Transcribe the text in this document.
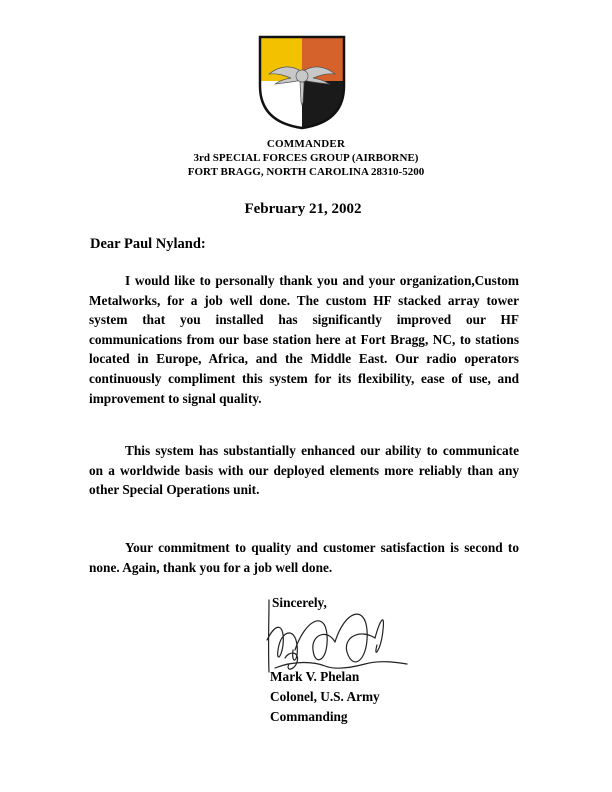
COMMANDER
3rd SPECIAL FORCES GROUP (AIRBORNE)
FORT BRAGG, NORTH CAROLINA 28310-5200
February 21, 2002
Dear Paul Nyland:

I would like to personally thank you and your organization,Custom Metalworks, for a job well done. The custom HF stacked array tower system that you installed has significantly improved our HF communications from our base station here at Fort Bragg, NC, to stations located in Europe, Africa, and the Middle East. Our radio operators continuously compliment this system for its flexibility, ease of use, and improvement to signal quality.

This system has substantially enhanced our ability to communicate on a worldwide basis with our deployed elements more reliably than any other Special Operations unit.

Your commitment to quality and customer satisfaction is second to none. Again, thank you for a job well done.

Sincerely,
Mark V. Phelan
Colonel, U.S. Army
Commanding
